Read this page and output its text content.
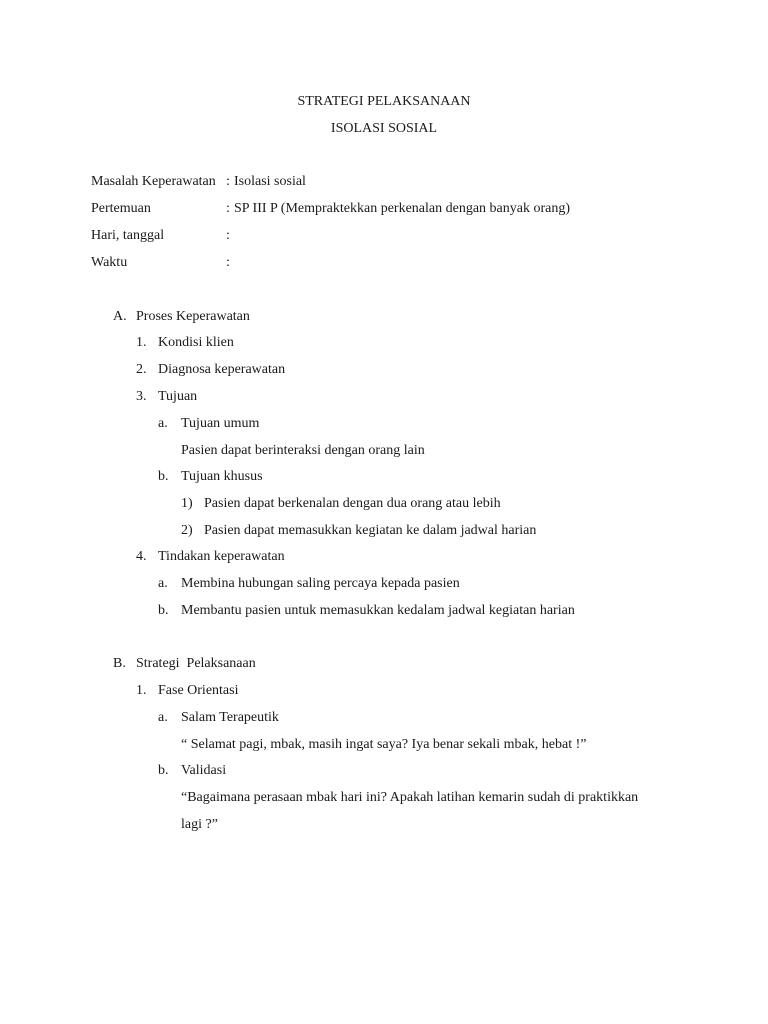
STRATEGI PELAKSANAAN
ISOLASI SOSIAL
Masalah Keperawatan : Isolasi sosial
Pertemuan	: SP III P (Mempraktekkan perkenalan dengan banyak orang)
Hari, tanggal	:
Waktu	:
A. Proses Keperawatan
1. Kondisi klien
2. Diagnosa keperawatan
3. Tujuan
a. Tujuan umum
Pasien dapat berinteraksi dengan orang lain
b. Tujuan khusus
1) Pasien dapat berkenalan dengan dua orang atau lebih
2) Pasien dapat memasukkan kegiatan ke dalam jadwal harian
4. Tindakan keperawatan
a. Membina hubungan saling percaya kepada pasien
b. Membantu pasien untuk memasukkan kedalam jadwal kegiatan harian
B. Strategi  Pelaksanaan
1. Fase Orientasi
a. Salam Terapeutik
“ Selamat pagi, mbak, masih ingat saya? Iya benar sekali mbak, hebat !”
b. Validasi
“Bagaimana perasaan mbak hari ini? Apakah latihan kemarin sudah di praktikkan
lagi ?”
